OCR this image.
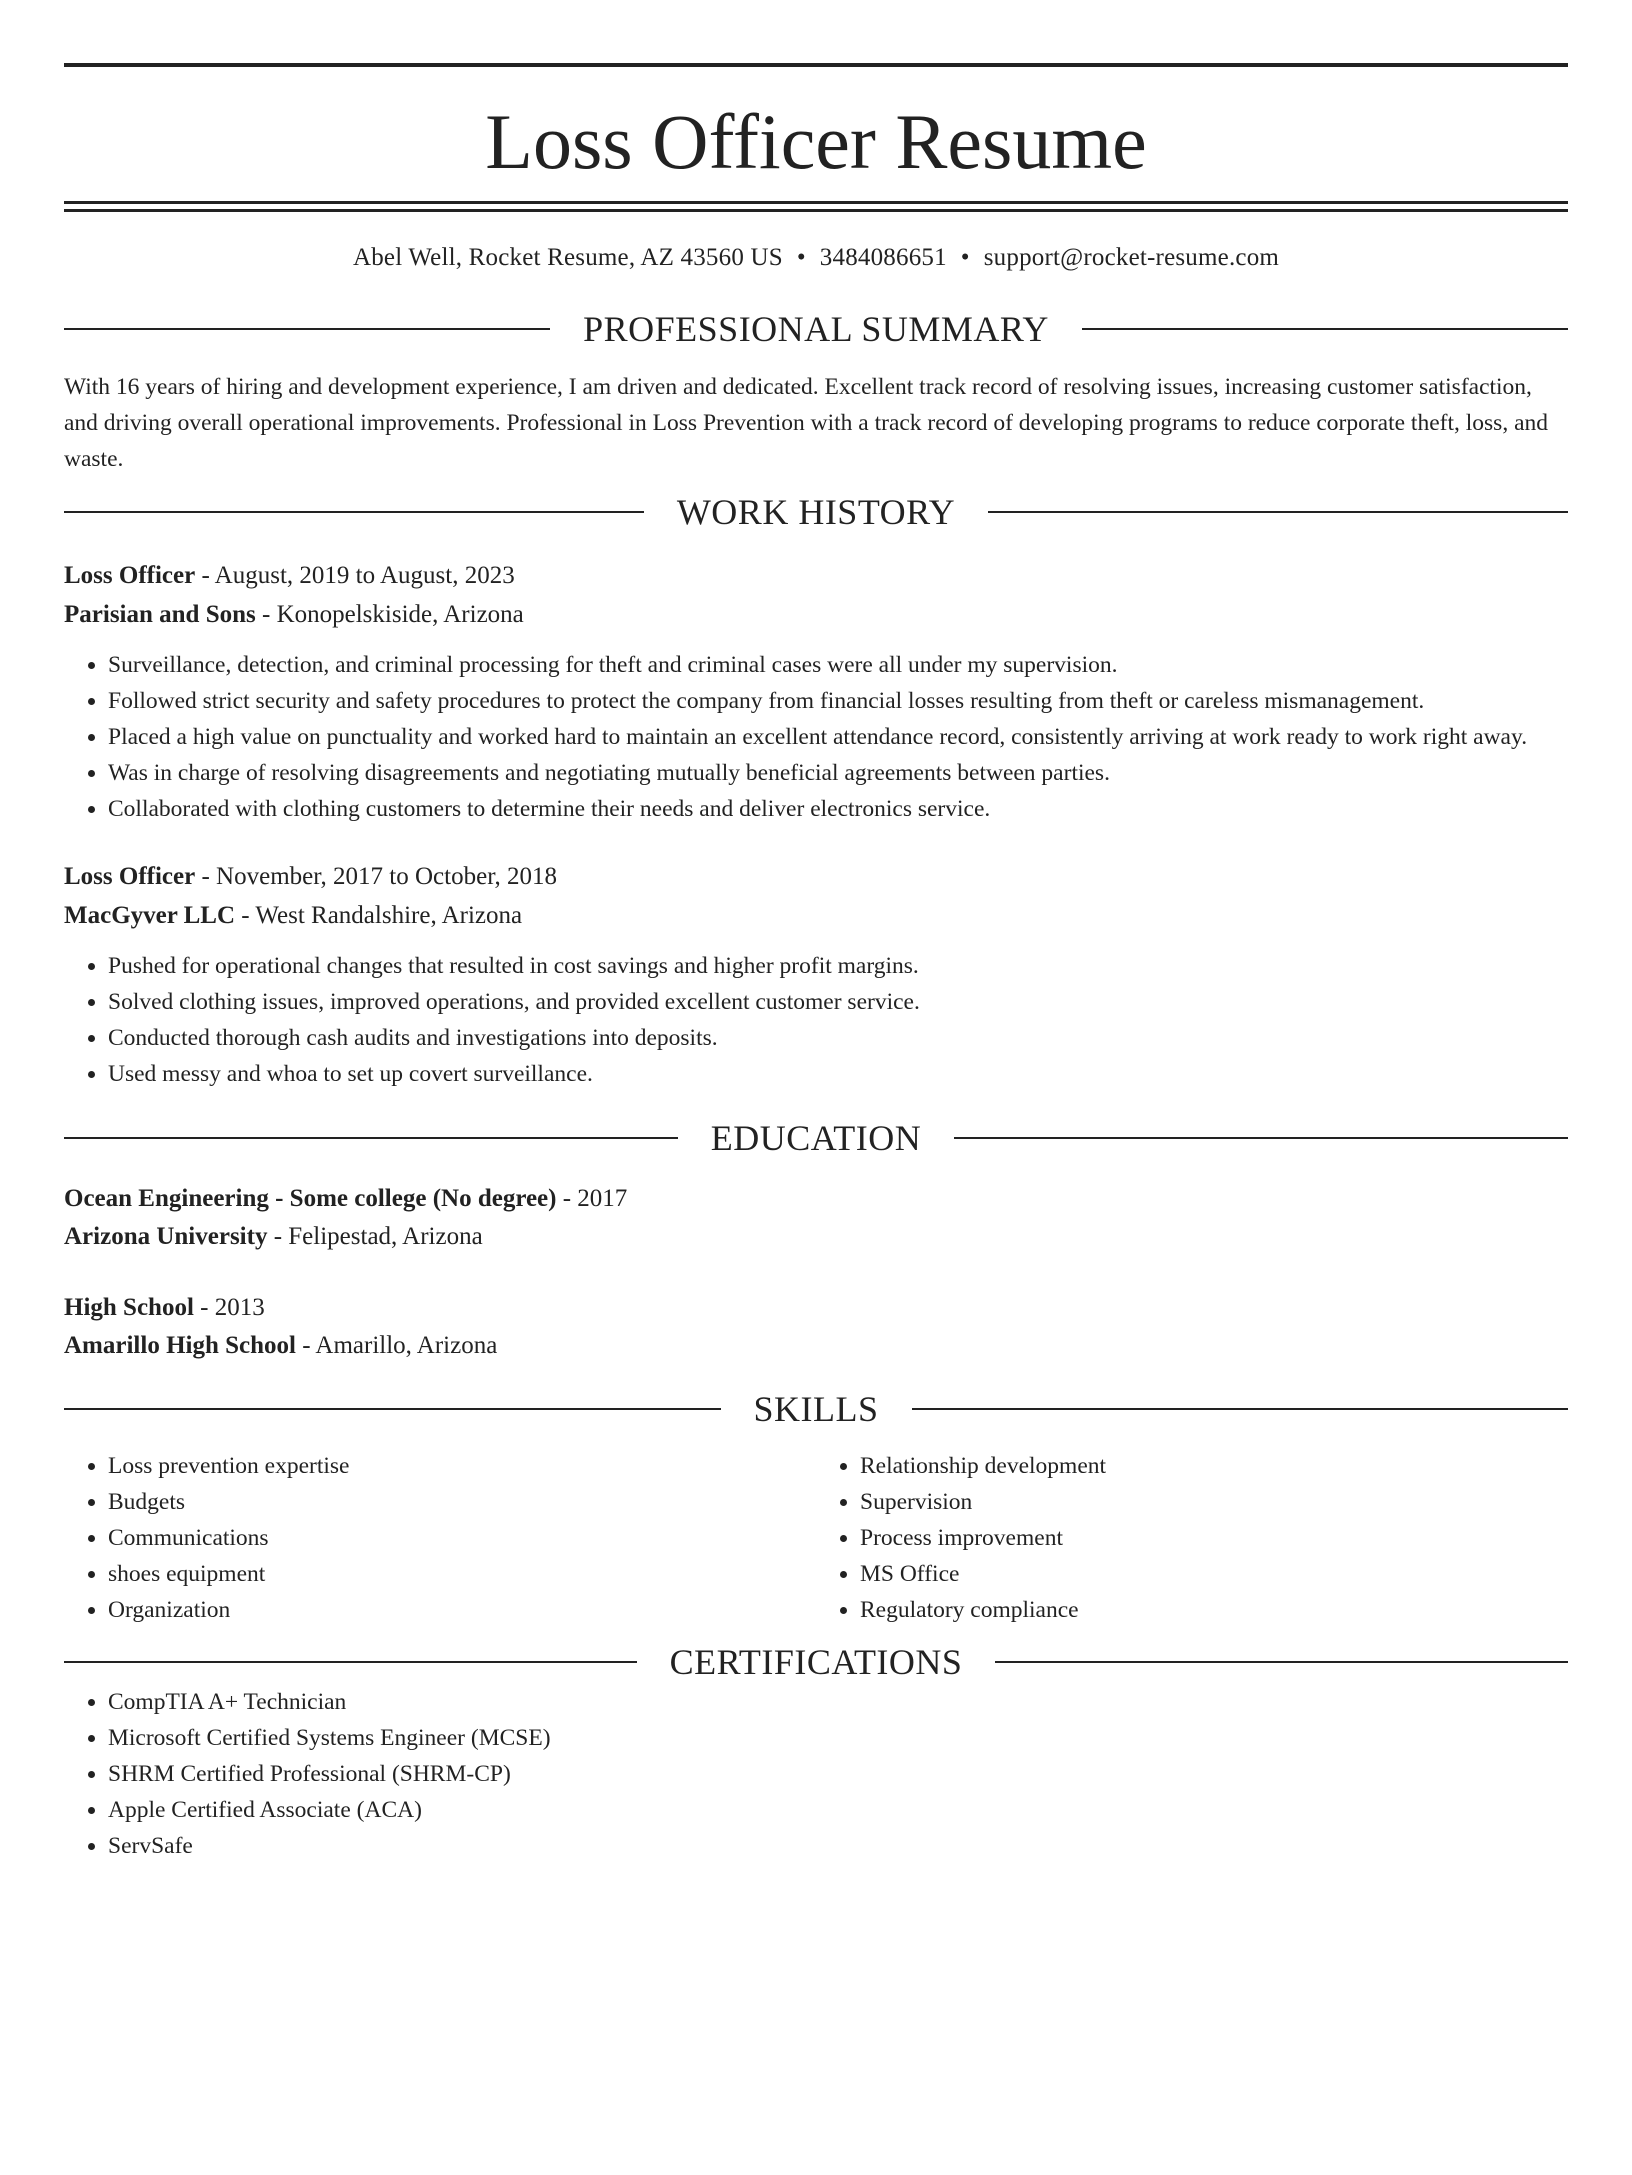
Loss Officer Resume
Abel Well, Rocket Resume, AZ 43560 US • 3484086651 • support@rocket-resume.com
PROFESSIONAL SUMMARY

With 16 years of hiring and development experience, I am driven and dedicated. Excellent track record of resolving issues, increasing customer satisfaction, and driving overall operational improvements. Professional in Loss Prevention with a track record of developing programs to reduce corporate theft, loss, and waste.

WORK HISTORY
Loss Officer - August, 2019 to August, 2023
Parisian and Sons - Konopelskiside, Arizona
• Surveillance, detection, and criminal processing for theft and criminal cases were all under my supervision.
• Followed strict security and safety procedures to protect the company from financial losses resulting from theft or careless mismanagement.
• Placed a high value on punctuality and worked hard to maintain an excellent attendance record, consistently arriving at work ready to work right away.
• Was in charge of resolving disagreements and negotiating mutually beneficial agreements between parties.
• Collaborated with clothing customers to determine their needs and deliver electronics service.
Loss Officer - November, 2017 to October, 2018
MacGyver LLC - West Randalshire, Arizona
• Pushed for operational changes that resulted in cost savings and higher profit margins.
• Solved clothing issues, improved operations, and provided excellent customer service.
• Conducted thorough cash audits and investigations into deposits.
• Used messy and whoa to set up covert surveillance.
EDUCATION
Ocean Engineering - Some college (No degree) - 2017
Arizona University - Felipestad, Arizona
High School - 2013
Amarillo High School - Amarillo, Arizona
SKILLS
• Loss prevention expertise
• Budgets
• Communications
• shoes equipment
• Organization
• Relationship development
• Supervision
• Process improvement
• MS Office
• Regulatory compliance
CERTIFICATIONS
• CompTIA A+ Technician
• Microsoft Certified Systems Engineer (MCSE)
• SHRM Certified Professional (SHRM-CP)
• Apple Certified Associate (ACA)
• ServSafe
